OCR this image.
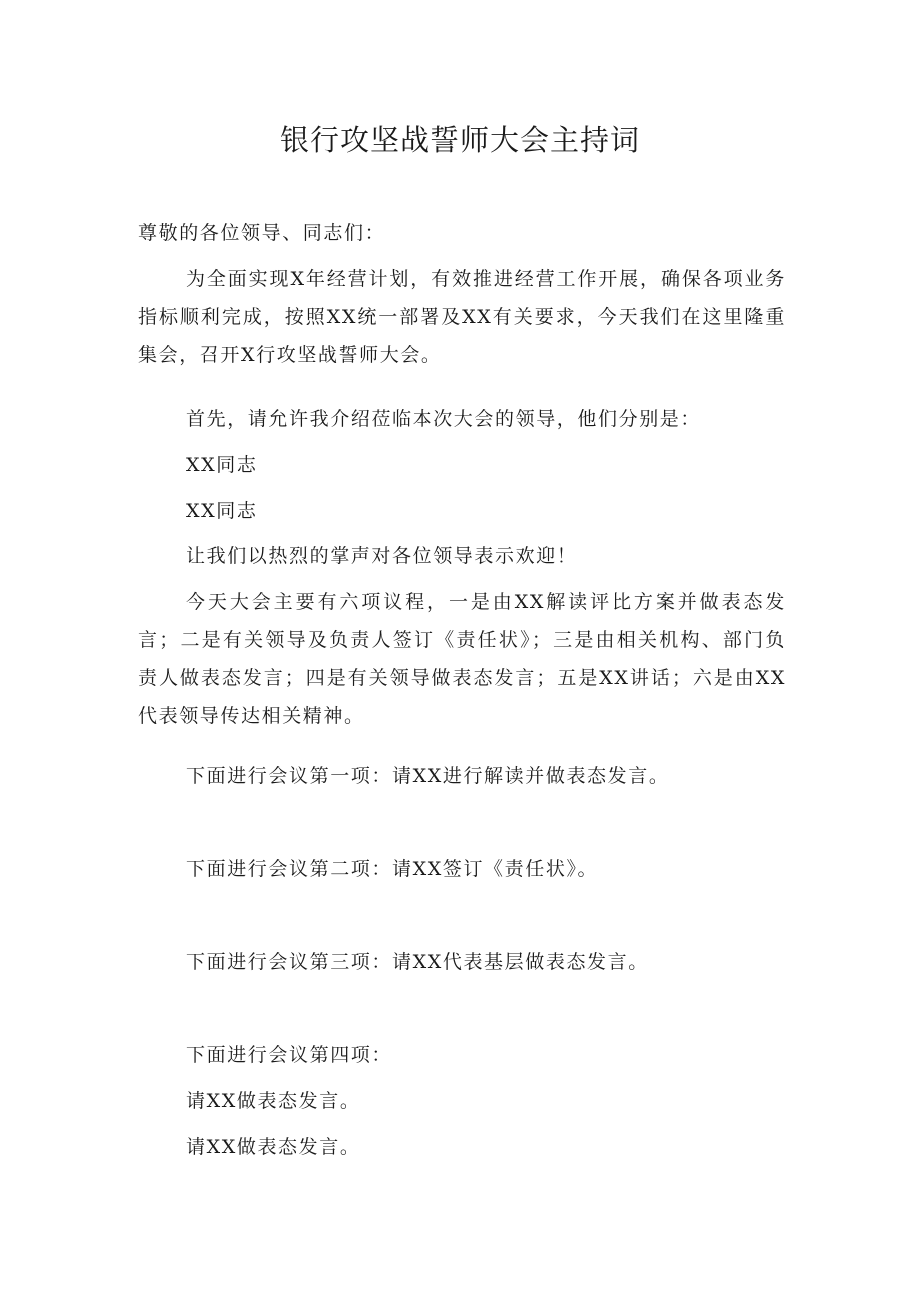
银行攻坚战誓师大会主持词

尊敬的各位领导、同志们：

为全面实现X年经营计划，有效推进经营工作开展，确保各项业务指标顺利完成，按照XX统一部署及XX有关要求，今天我们在这里隆重集会，召开X行攻坚战誓师大会。

首先，请允许我介绍莅临本次大会的领导，他们分别是：

XX同志

XX同志

让我们以热烈的掌声对各位领导表示欢迎！

今天大会主要有六项议程，一是由XX解读评比方案并做表态发言；二是有关领导及负责人签订《责任状》；三是由相关机构、部门负责人做表态发言；四是有关领导做表态发言；五是XX讲话；六是由XX代表领导传达相关精神。

下面进行会议第一项：请XX进行解读并做表态发言。

下面进行会议第二项：请XX签订《责任状》。

下面进行会议第三项：请XX代表基层做表态发言。

下面进行会议第四项：

请XX做表态发言。

请XX做表态发言。
